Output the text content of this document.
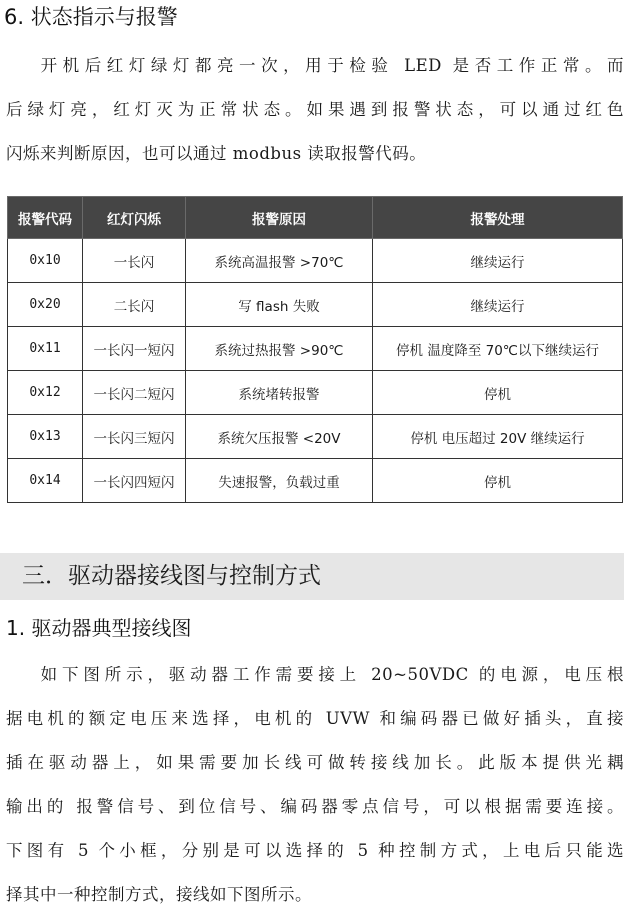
6. 状态指示与报警

开机后红灯绿灯都亮一次，用于检验 LED 是否工作正常。而

后绿灯亮，红灯灭为正常状态。如果遇到报警状态，可以通过红色

闪烁来判断原因，也可以通过 modbus 读取报警代码。

报警代码	红灯闪烁	报警原因	报警处理
0x10	一长闪	系统高温报警 >70℃	继续运行
0x20	二长闪	写 flash 失败	继续运行
0x11	一长闪一短闪	系统过热报警 >90℃	停机 温度降至 70℃以下继续运行
0x12	一长闪二短闪	系统堵转报警	停机
0x13	一长闪三短闪	系统欠压报警 <20V	停机 电压超过 20V 继续运行
0x14	一长闪四短闪	失速报警，负载过重	停机
三．驱动器接线图与控制方式
1. 驱动器典型接线图

如下图所示，驱动器工作需要接上 20~50VDC 的电源，电压根

据电机的额定电压来选择，电机的 UVW 和编码器已做好插头，直接

插在驱动器上，如果需要加长线可做转接线加长。此版本提供光耦

输出的 报警信号、到位信号、编码器零点信号，可以根据需要连接。

下图有 5 个小框，分别是可以选择的 5 种控制方式，上电后只能选

择其中一种控制方式，接线如下图所示。
